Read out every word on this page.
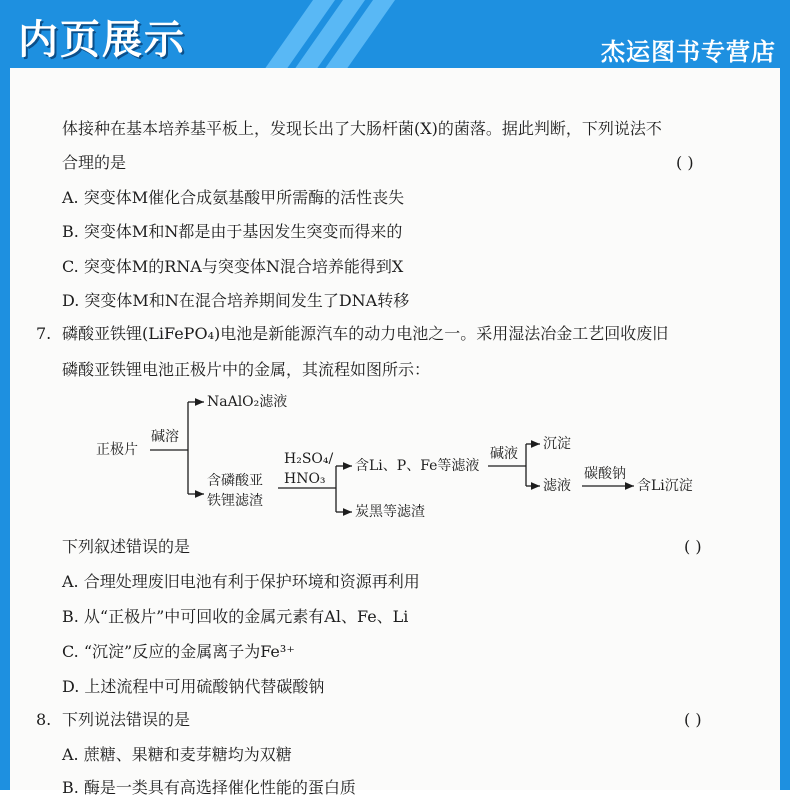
内页展示	杰运图书专营店
体接种在基本培养基平板上，发现长出了大肠杆菌(X)的菌落。据此判断，下列说法不
合理的是	( )
A. 突变体M催化合成氨基酸甲所需酶的活性丧失
B. 突变体M和N都是由于基因发生突变而得来的
C. 突变体M的RNA与突变体N混合培养能得到X
D. 突变体M和N在混合培养期间发生了DNA转移
7. 磷酸亚铁锂(LiFePO₄)电池是新能源汽车的动力电池之一。采用湿法冶金工艺回收废旧
磷酸亚铁锂电池正极片中的金属，其流程如图所示：
正极片
碱溶
NaAlO₂滤液
含磷酸亚
铁锂滤渣
H₂SO₄/
HNO₃
含Li、P、Fe等滤液
碱液
沉淀
滤液
碳酸钠
含Li沉淀
炭黑等滤渣
下列叙述错误的是	( )
A. 合理处理废旧电池有利于保护环境和资源再利用
B. 从“正极片”中可回收的金属元素有Al、Fe、Li
C. “沉淀”反应的金属离子为Fe³⁺
D. 上述流程中可用硫酸钠代替碳酸钠
8. 下列说法错误的是	( )
A. 蔗糖、果糖和麦芽糖均为双糖
B. 酶是一类具有高选择催化性能的蛋白质
